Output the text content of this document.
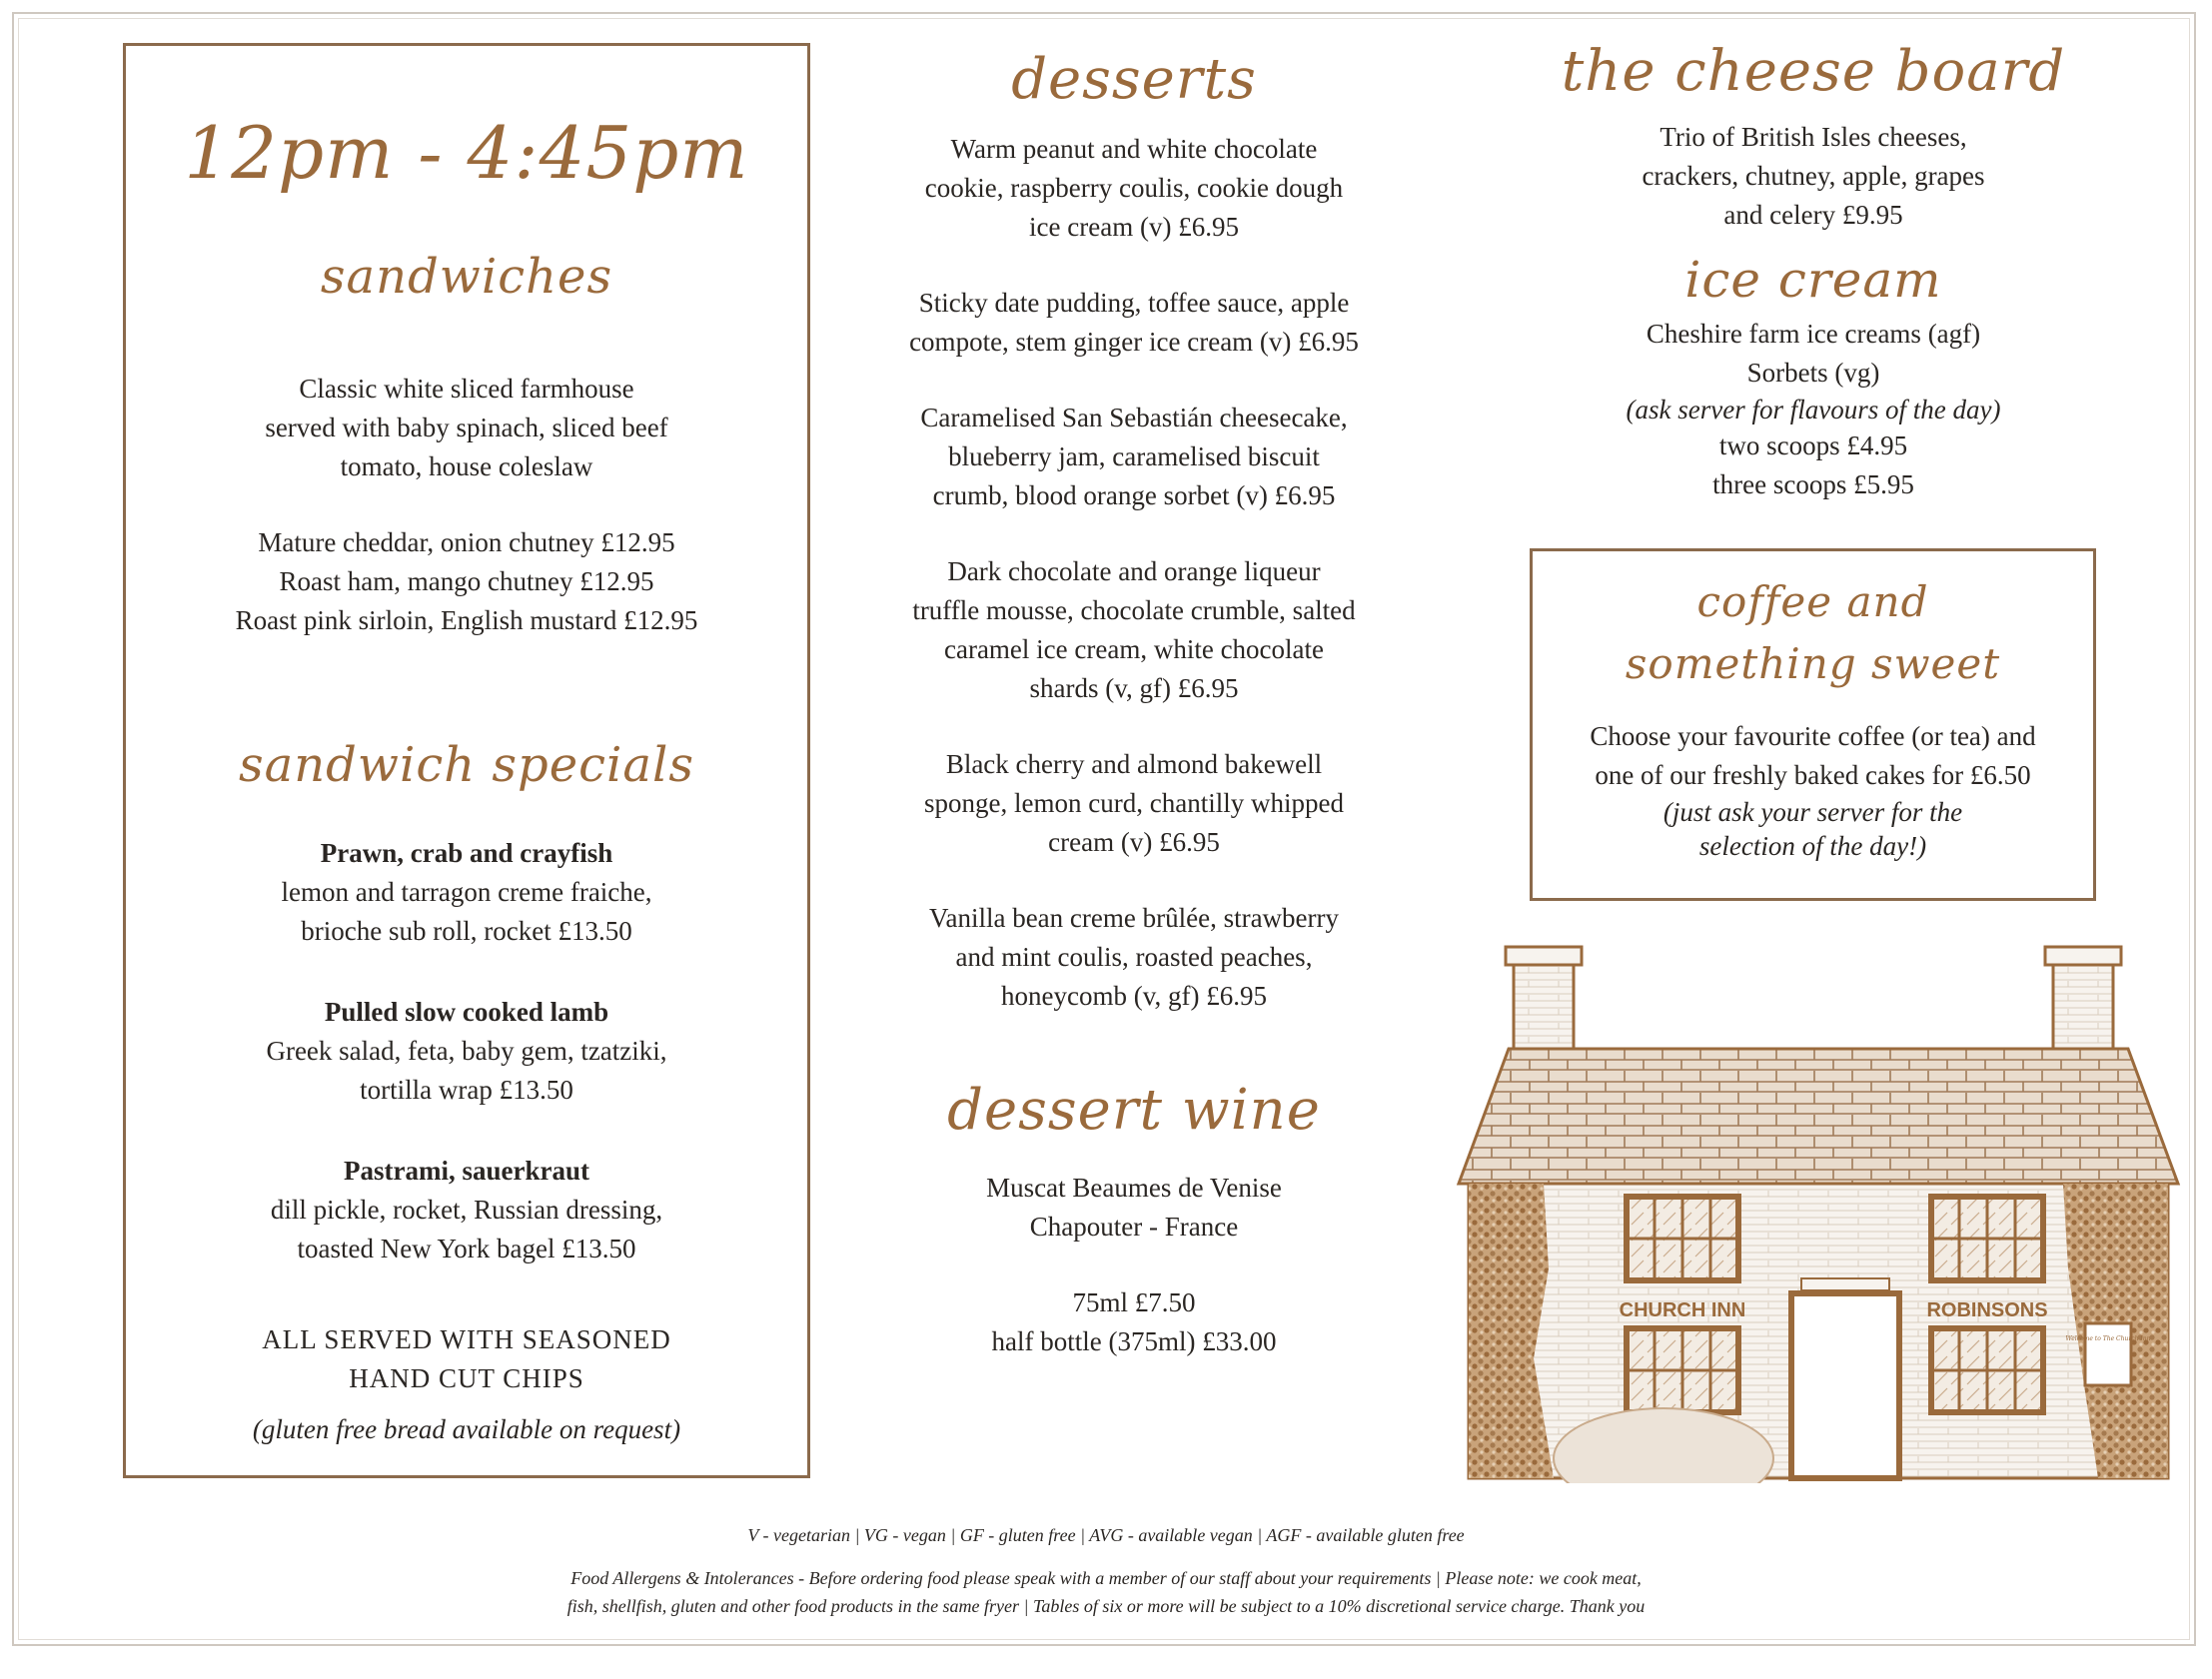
12pm - 4:45pm

sandwiches

Classic white sliced farmhouse

served with baby spinach, sliced beef

tomato, house coleslaw

Mature cheddar, onion chutney £12.95

Roast ham, mango chutney £12.95

Roast pink sirloin, English mustard £12.95

sandwich specials

Prawn, crab and crayfish

lemon and tarragon creme fraiche,

brioche sub roll, rocket £13.50

Pulled slow cooked lamb

Greek salad, feta, baby gem, tzatziki,

tortilla wrap £13.50

Pastrami, sauerkraut

dill pickle, rocket, Russian dressing,

toasted New York bagel £13.50

ALL SERVED WITH SEASONED

HAND CUT CHIPS

(gluten free bread available on request)

desserts

Warm peanut and white chocolate

cookie, raspberry coulis, cookie dough

ice cream (v) £6.95

Sticky date pudding, toffee sauce, apple

compote, stem ginger ice cream (v) £6.95

Caramelised San Sebastián cheesecake,

blueberry jam, caramelised biscuit

crumb, blood orange sorbet (v) £6.95

Dark chocolate and orange liqueur

truffle mousse, chocolate crumble, salted

caramel ice cream, white chocolate

shards (v, gf) £6.95

Black cherry and almond bakewell

sponge, lemon curd, chantilly whipped

cream (v) £6.95

Vanilla bean creme brûlée, strawberry

and mint coulis, roasted peaches,

honeycomb (v, gf) £6.95

dessert wine

Muscat Beaumes de Venise

Chapouter - France

75ml £7.50

half bottle (375ml) £33.00

the cheese board

Trio of British Isles cheeses,

crackers, chutney, apple, grapes

and celery £9.95

ice cream

Cheshire farm ice creams (agf)

Sorbets (vg)

(ask server for flavours of the day)

two scoops £4.95

three scoops £5.95

coffee and

something sweet

Choose your favourite coffee (or tea) and

one of our freshly baked cakes for £6.50

(just ask your server for the

selection of the day!)

CHURCH INN	ROBINSONS
Welcome to The Church Inn
V - vegetarian | VG - vegan | GF - gluten free | AVG - available vegan | AGF - available gluten free
Food Allergens & Intolerances - Before ordering food please speak with a member of our staff about your requirements | Please note: we cook meat,
fish, shellfish, gluten and other food products in the same fryer | Tables of six or more will be subject to a 10% discretional service charge. Thank you
